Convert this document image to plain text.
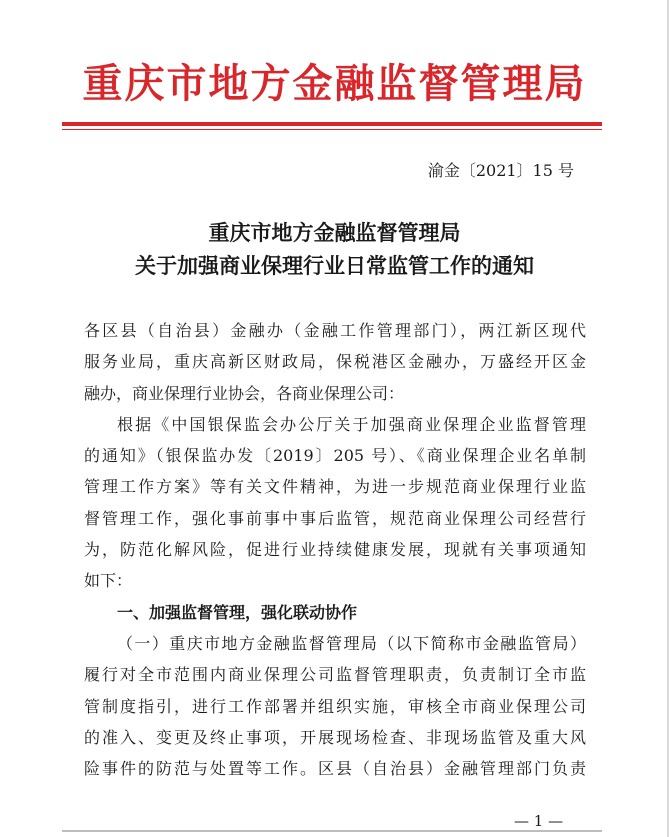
重庆市地方金融监督管理局
渝金〔2021〕15 号
重庆市地方金融监督管理局
关于加强商业保理行业日常监管工作的通知
各区县（自治县）金融办（金融工作管理部门），两江新区现代
服务业局，重庆高新区财政局，保税港区金融办，万盛经开区金
融办，商业保理行业协会，各商业保理公司：
根据《中国银保监会办公厅关于加强商业保理企业监督管理
的通知》（银保监办发〔2019〕205 号）、《商业保理企业名单制
管理工作方案》等有关文件精神，为进一步规范商业保理行业监
督管理工作，强化事前事中事后监管，规范商业保理公司经营行
为，防范化解风险，促进行业持续健康发展，现就有关事项通知
如下：
一、加强监督管理，强化联动协作
（一）重庆市地方金融监督管理局（以下简称市金融监管局）
履行对全市范围内商业保理公司监督管理职责，负责制订全市监
管制度指引，进行工作部署并组织实施，审核全市商业保理公司
的准入、变更及终止事项，开展现场检查、非现场监管及重大风
险事件的防范与处置等工作。区县（自治县）金融管理部门负责
— 1 —
